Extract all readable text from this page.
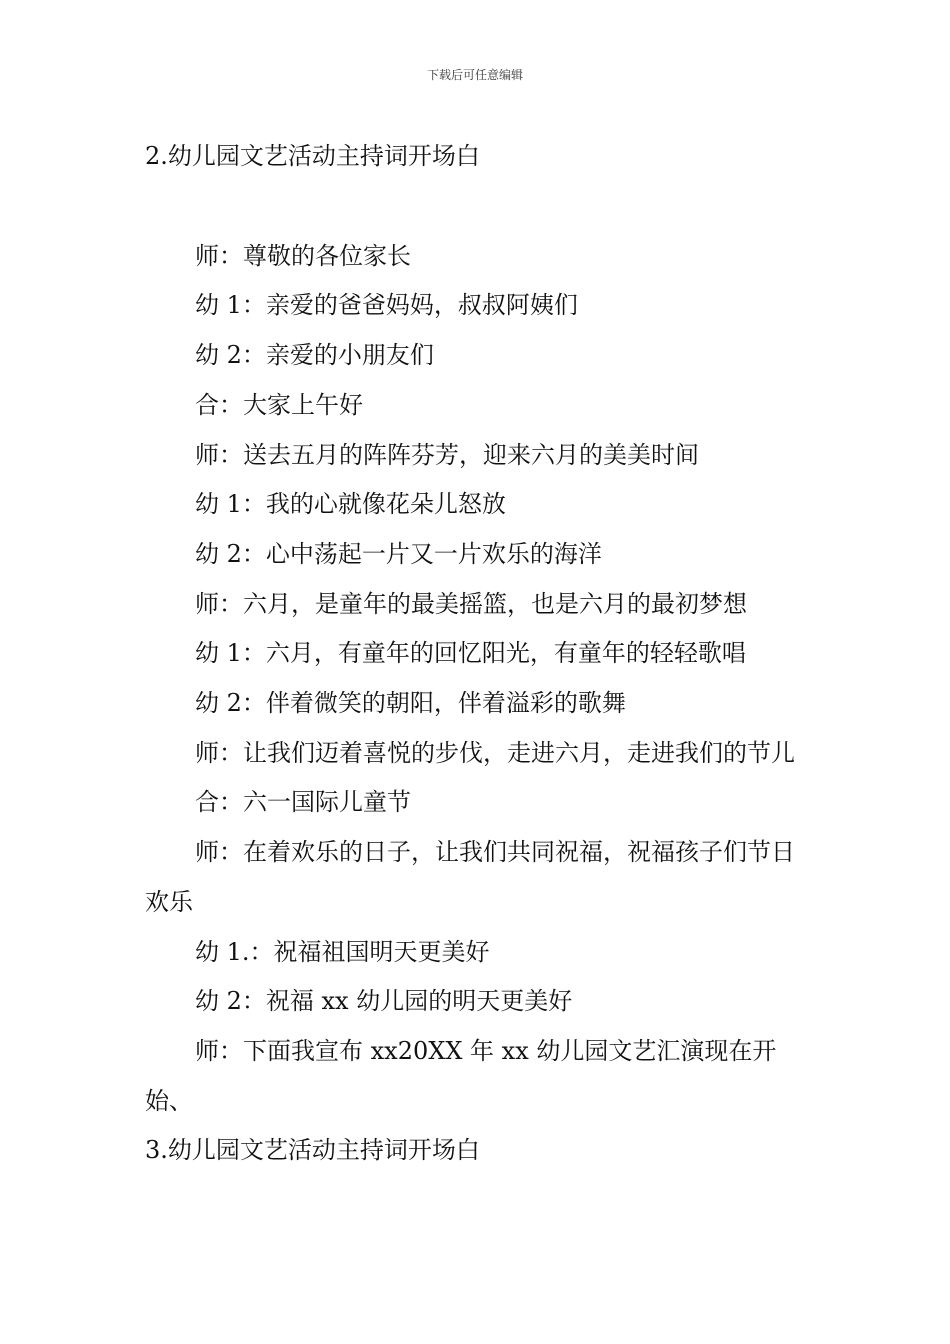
下载后可任意编辑

2.幼儿园文艺活动主持词开场白

师：尊敬的各位家长

幼 1：亲爱的爸爸妈妈，叔叔阿姨们

幼 2：亲爱的小朋友们

合：大家上午好

师：送去五月的阵阵芬芳，迎来六月的美美时间

幼 1：我的心就像花朵儿怒放

幼 2：心中荡起一片又一片欢乐的海洋

师：六月，是童年的最美摇篮，也是六月的最初梦想

幼 1：六月，有童年的回忆阳光，有童年的轻轻歌唱

幼 2：伴着微笑的朝阳，伴着溢彩的歌舞

师：让我们迈着喜悦的步伐，走进六月，走进我们的节儿

合：六一国际儿童节

师：在着欢乐的日子，让我们共同祝福，祝福孩子们节日欢乐

幼 1.：祝福祖国明天更美好

幼 2：祝福 xx 幼儿园的明天更美好

师：下面我宣布 xx20XX 年 xx 幼儿园文艺汇演现在开始、

3.幼儿园文艺活动主持词开场白
